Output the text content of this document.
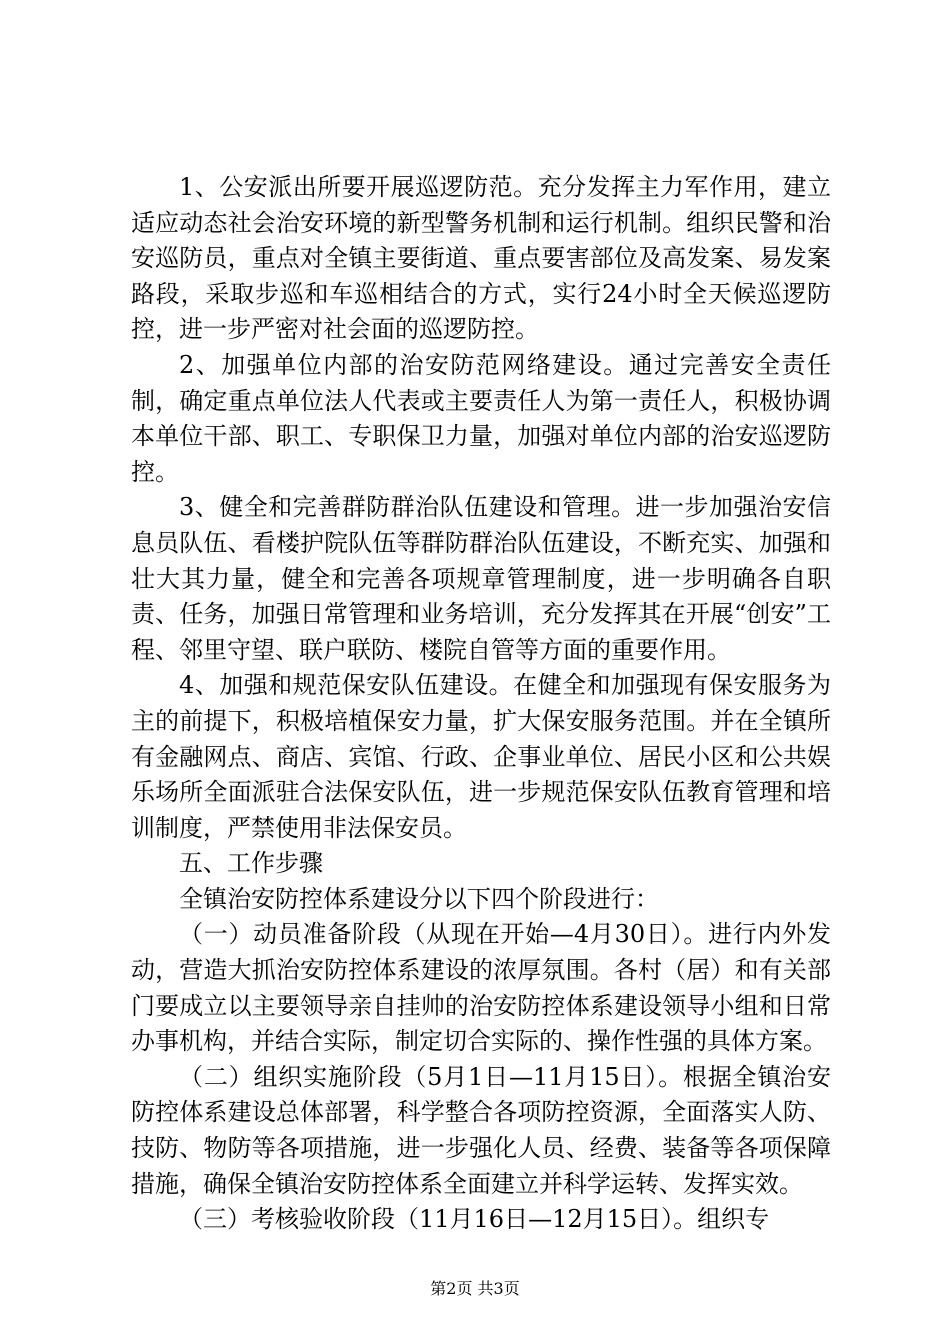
1、公安派出所要开展巡逻防范。充分发挥主力军作用，建立适应动态社会治安环境的新型警务机制和运行机制。组织民警和治安巡防员，重点对全镇主要街道、重点要害部位及高发案、易发案路段，采取步巡和车巡相结合的方式，实行24小时全天候巡逻防控，进一步严密对社会面的巡逻防控。

2、加强单位内部的治安防范网络建设。通过完善安全责任制，确定重点单位法人代表或主要责任人为第一责任人，积极协调本单位干部、职工、专职保卫力量，加强对单位内部的治安巡逻防控。

3、健全和完善群防群治队伍建设和管理。进一步加强治安信息员队伍、看楼护院队伍等群防群治队伍建设，不断充实、加强和壮大其力量，健全和完善各项规章管理制度，进一步明确各自职责、任务，加强日常管理和业务培训，充分发挥其在开展“创安”工程、邻里守望、联户联防、楼院自管等方面的重要作用。

4、加强和规范保安队伍建设。在健全和加强现有保安服务为主的前提下，积极培植保安力量，扩大保安服务范围。并在全镇所有金融网点、商店、宾馆、行政、企事业单位、居民小区和公共娱乐场所全面派驻合法保安队伍，进一步规范保安队伍教育管理和培训制度，严禁使用非法保安员。

五、工作步骤

全镇治安防控体系建设分以下四个阶段进行：

（一）动员准备阶段（从现在开始—4月30日）。进行内外发动，营造大抓治安防控体系建设的浓厚氛围。各村（居）和有关部门要成立以主要领导亲自挂帅的治安防控体系建设领导小组和日常办事机构，并结合实际，制定切合实际的、操作性强的具体方案。

（二）组织实施阶段（5月1日—11月15日）。根据全镇治安防控体系建设总体部署，科学整合各项防控资源，全面落实人防、技防、物防等各项措施，进一步强化人员、经费、装备等各项保障措施，确保全镇治安防控体系全面建立并科学运转、发挥实效。

（三）考核验收阶段（11月16日—12月15日）。组织专

第2页 共3页
